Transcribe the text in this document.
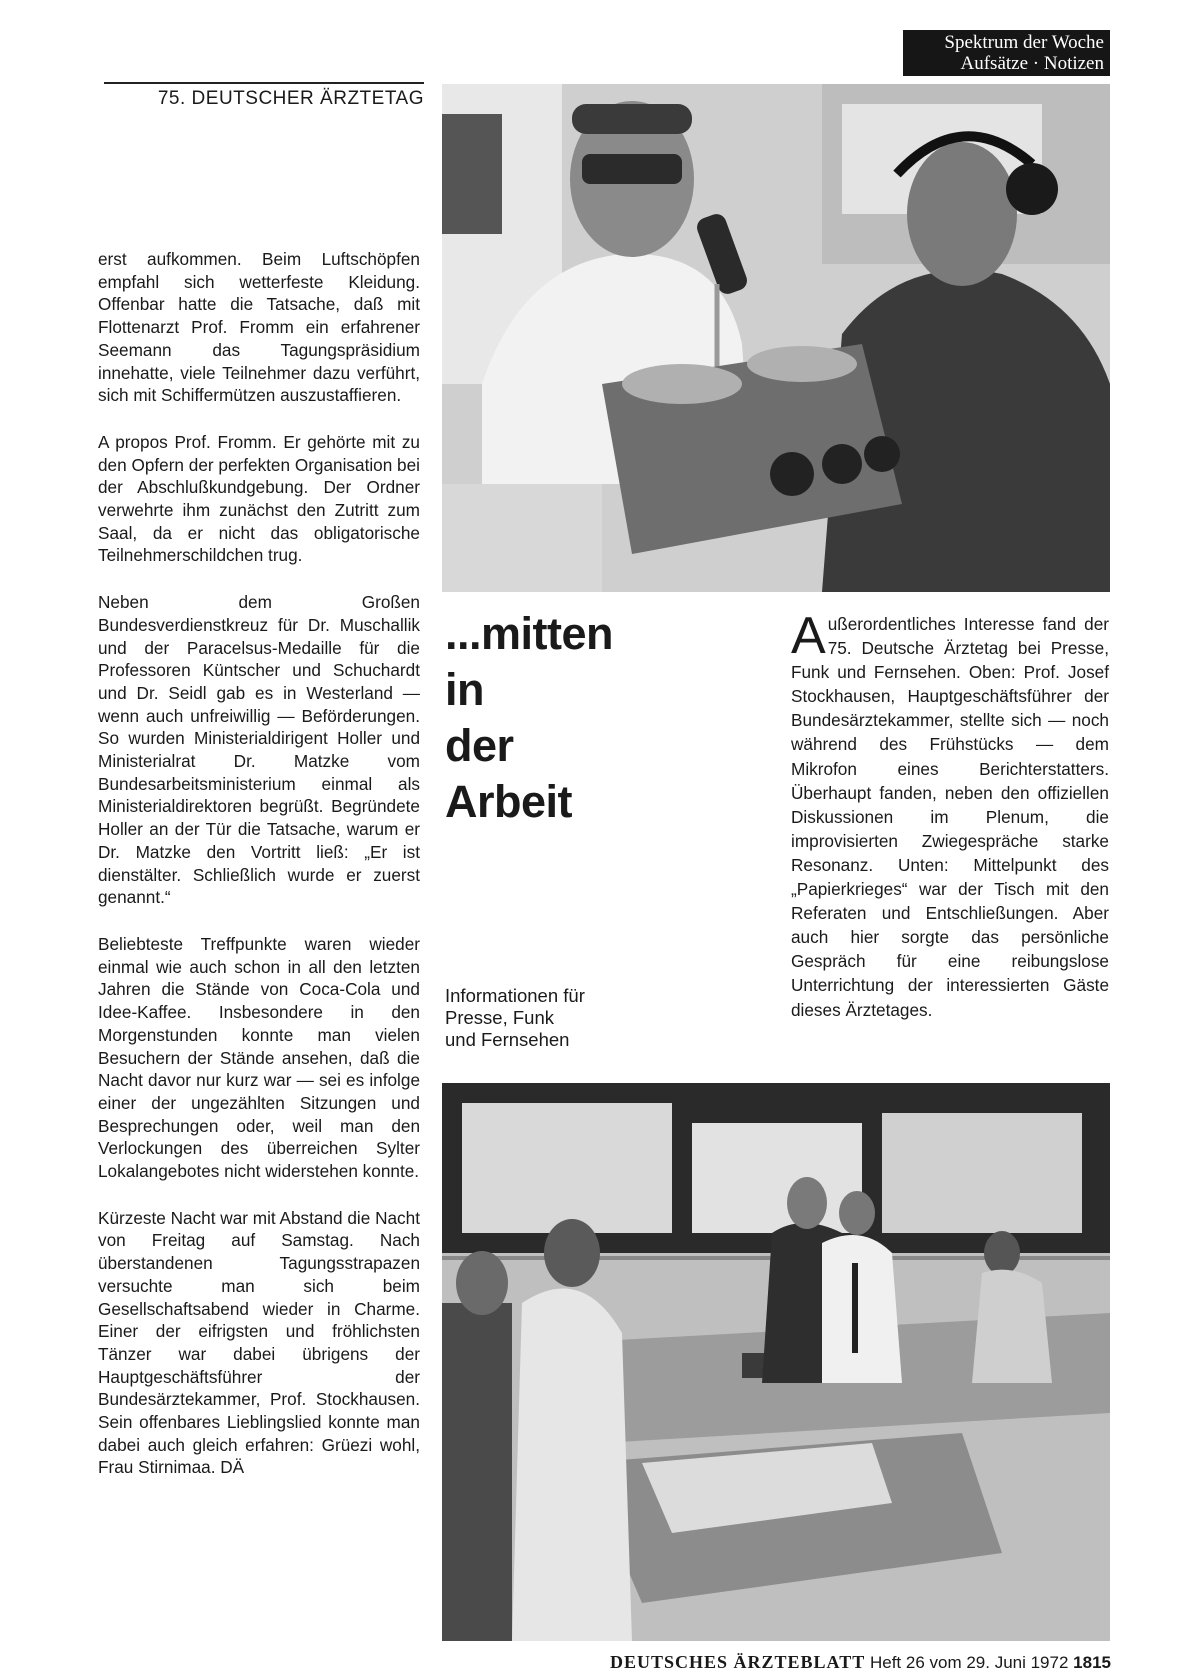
Spektrum der Woche
Aufsätze · Notizen
75. DEUTSCHER ÄRZTETAG

erst aufkommen. Beim Luftschöpfen empfahl sich wetterfeste Kleidung. Offenbar hatte die Tatsache, daß mit Flottenarzt Prof. Fromm ein erfahrener Seemann das Tagungspräsidium innehatte, viele Teilnehmer dazu verführt, sich mit Schiffermützen auszustaffieren.

A propos Prof. Fromm. Er gehörte mit zu den Opfern der perfekten Organisation bei der Abschlußkundgebung. Der Ordner verwehrte ihm zunächst den Zutritt zum Saal, da er nicht das obligatorische Teilnehmerschildchen trug.

Neben dem Großen Bundesverdienstkreuz für Dr. Muschallik und der Paracelsus-Medaille für die Professoren Küntscher und Schuchardt und Dr. Seidl gab es in Westerland — wenn auch unfreiwillig — Beförderungen. So wurden Ministerialdirigent Holler und Ministerialrat Dr. Matzke vom Bundesarbeitsministerium einmal als Ministerialdirektoren begrüßt. Begründete Holler an der Tür die Tatsache, warum er Dr. Matzke den Vortritt ließ: „Er ist dienstälter. Schließlich wurde er zuerst genannt.“

Beliebteste Treffpunkte waren wieder einmal wie auch schon in all den letzten Jahren die Stände von Coca-Cola und Idee-Kaffee. Insbesondere in den Morgenstunden konnte man vielen Besuchern der Stände ansehen, daß die Nacht davor nur kurz war — sei es infolge einer der ungezählten Sitzungen und Besprechungen oder, weil man den Verlockungen des überreichen Sylter Lokalangebotes nicht widerstehen konnte.

Kürzeste Nacht war mit Abstand die Nacht von Freitag auf Samstag. Nach überstandenen Tagungsstrapazen versuchte man sich beim Gesellschaftsabend wieder in Charme. Einer der eifrigsten und fröhlichsten Tänzer war dabei übrigens der Hauptgeschäftsführer der Bundesärztekammer, Prof. Stockhausen. Sein offenbares Lieblingslied konnte man dabei auch gleich erfahren: Grüezi wohl, Frau Stirnimaa. DÄ

...mitten
in
der
Arbeit
Informationen für
Presse, Funk
und Fernsehen
Außerordentliches Interesse fand der 75. Deutsche Ärztetag bei Presse, Funk und Fernsehen. Oben: Prof. Josef Stockhausen, Hauptgeschäftsführer der Bundesärztekammer, stellte sich — noch während des Frühstücks — dem Mikrofon eines Berichterstatters. Überhaupt fanden, neben den offiziellen Diskussionen im Plenum, die improvisierten Zwiegespräche starke Resonanz. Unten: Mittelpunkt des „Papierkrieges“ war der Tisch mit den Referaten und Entschließungen. Aber auch hier sorgte das persönliche Gespräch für eine reibungslose Unterrichtung der interessierten Gäste dieses Ärztetages.
DEUTSCHES ÄRZTEBLATT Heft 26 vom 29. Juni 1972 1815
